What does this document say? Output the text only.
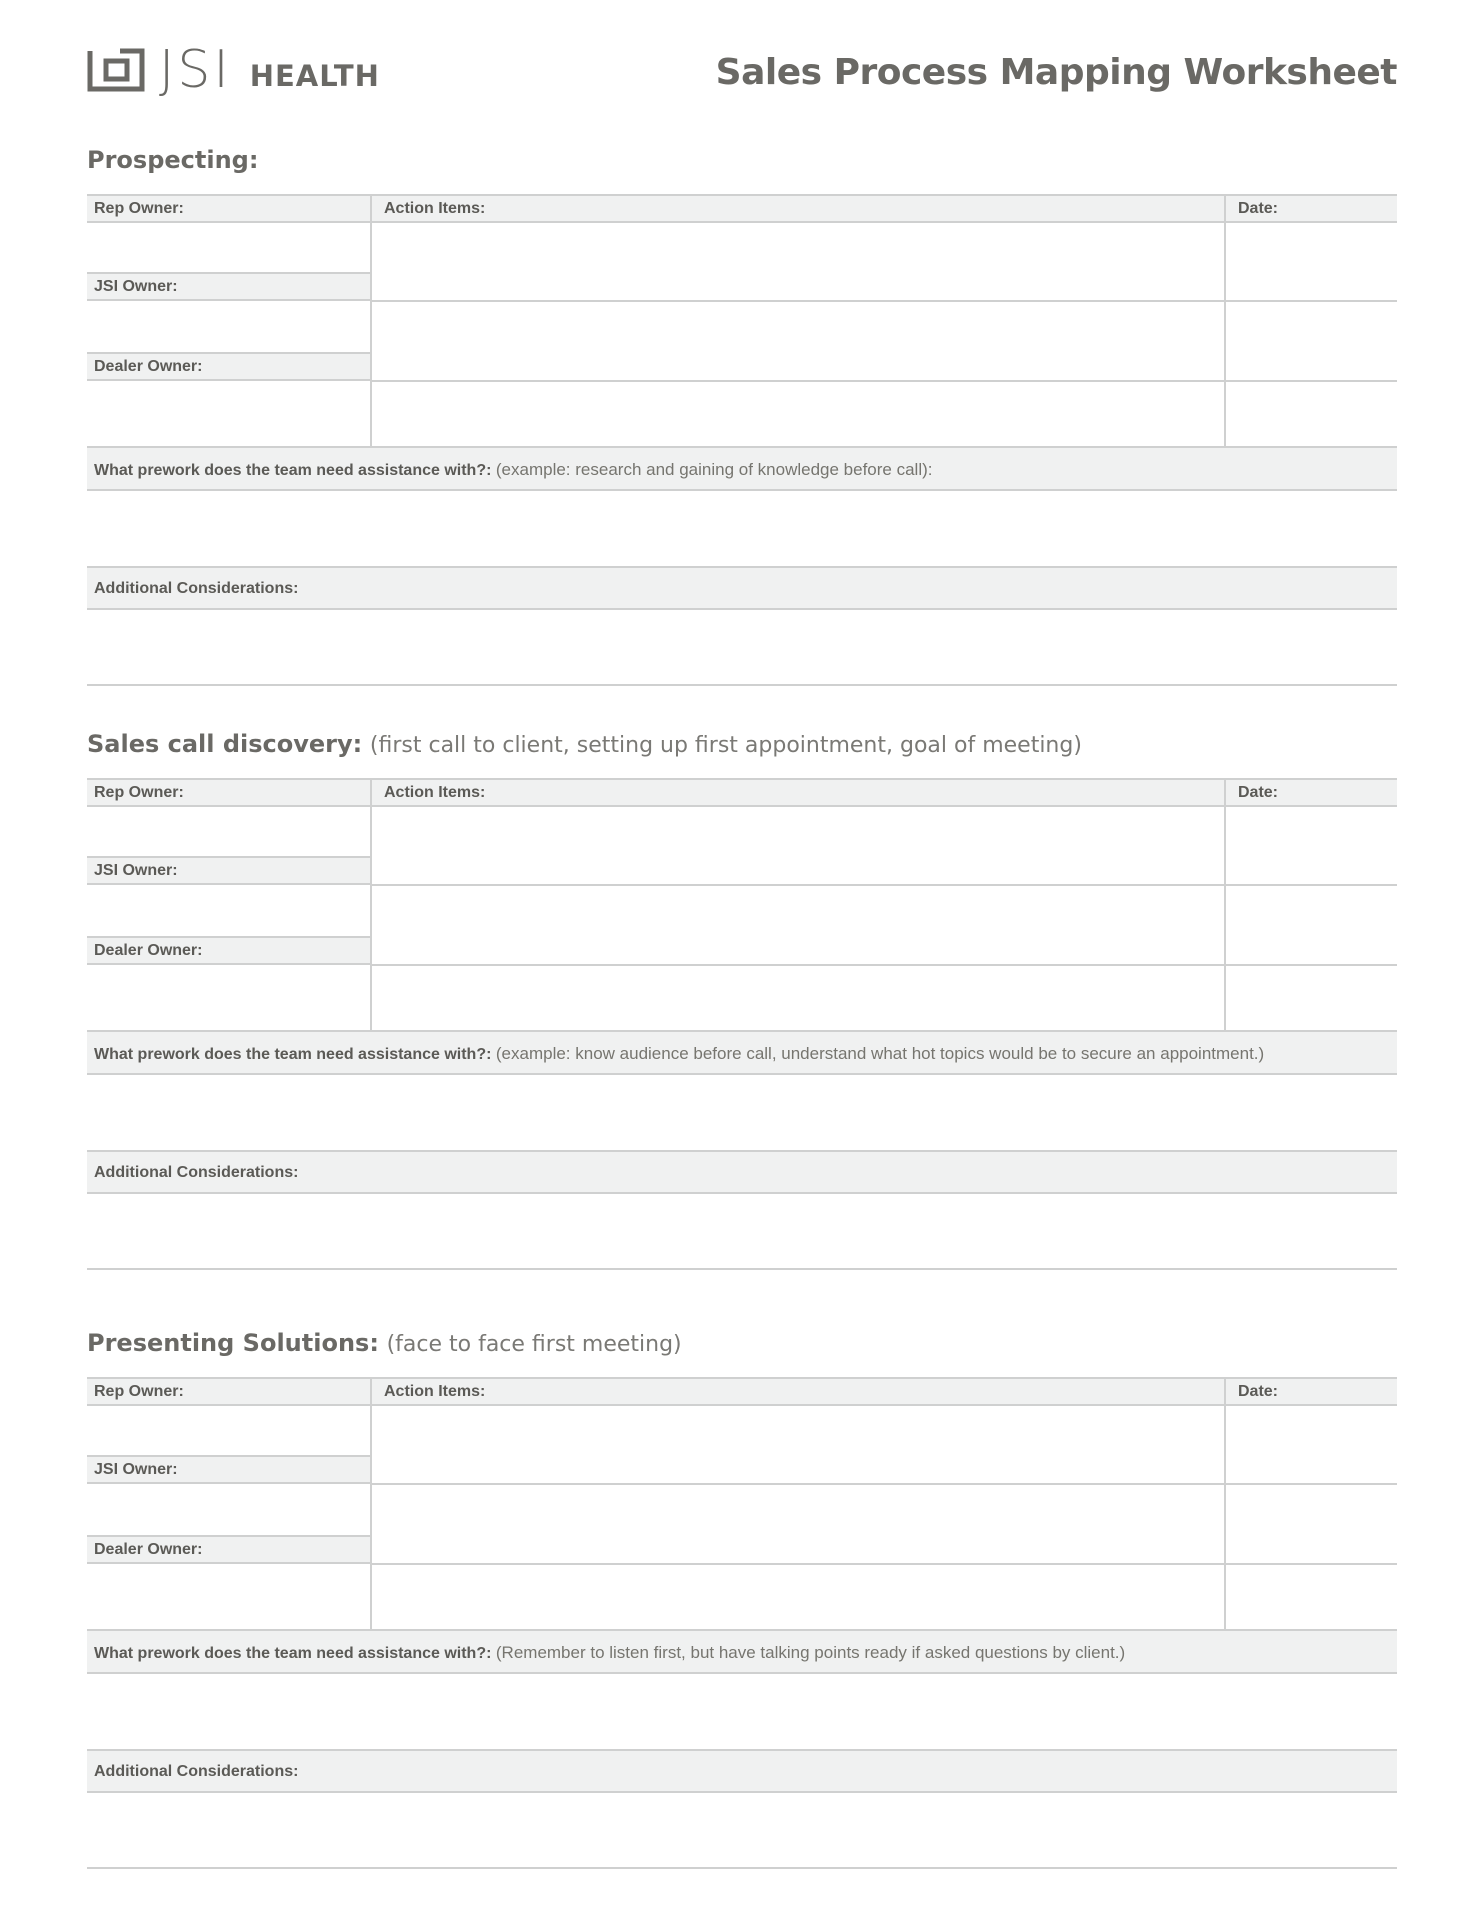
JSI HEALTH	Sales Process Mapping Worksheet
Prospecting:
Rep Owner:	Action Items:	Date:
JSI Owner:
Dealer Owner:
What prework does the team need assistance with?: (example: research and gaining of knowledge before call):
Additional Considerations:
Sales call discovery: (first call to client, setting up first appointment, goal of meeting)
Rep Owner:	Action Items:	Date:
JSI Owner:
Dealer Owner:
What prework does the team need assistance with?: (example: know audience before call, understand what hot topics would be to secure an appointment.)
Additional Considerations:
Presenting Solutions: (face to face first meeting)
Rep Owner:	Action Items:	Date:
JSI Owner:
Dealer Owner:
What prework does the team need assistance with?: (Remember to listen first, but have talking points ready if asked questions by client.)
Additional Considerations:
